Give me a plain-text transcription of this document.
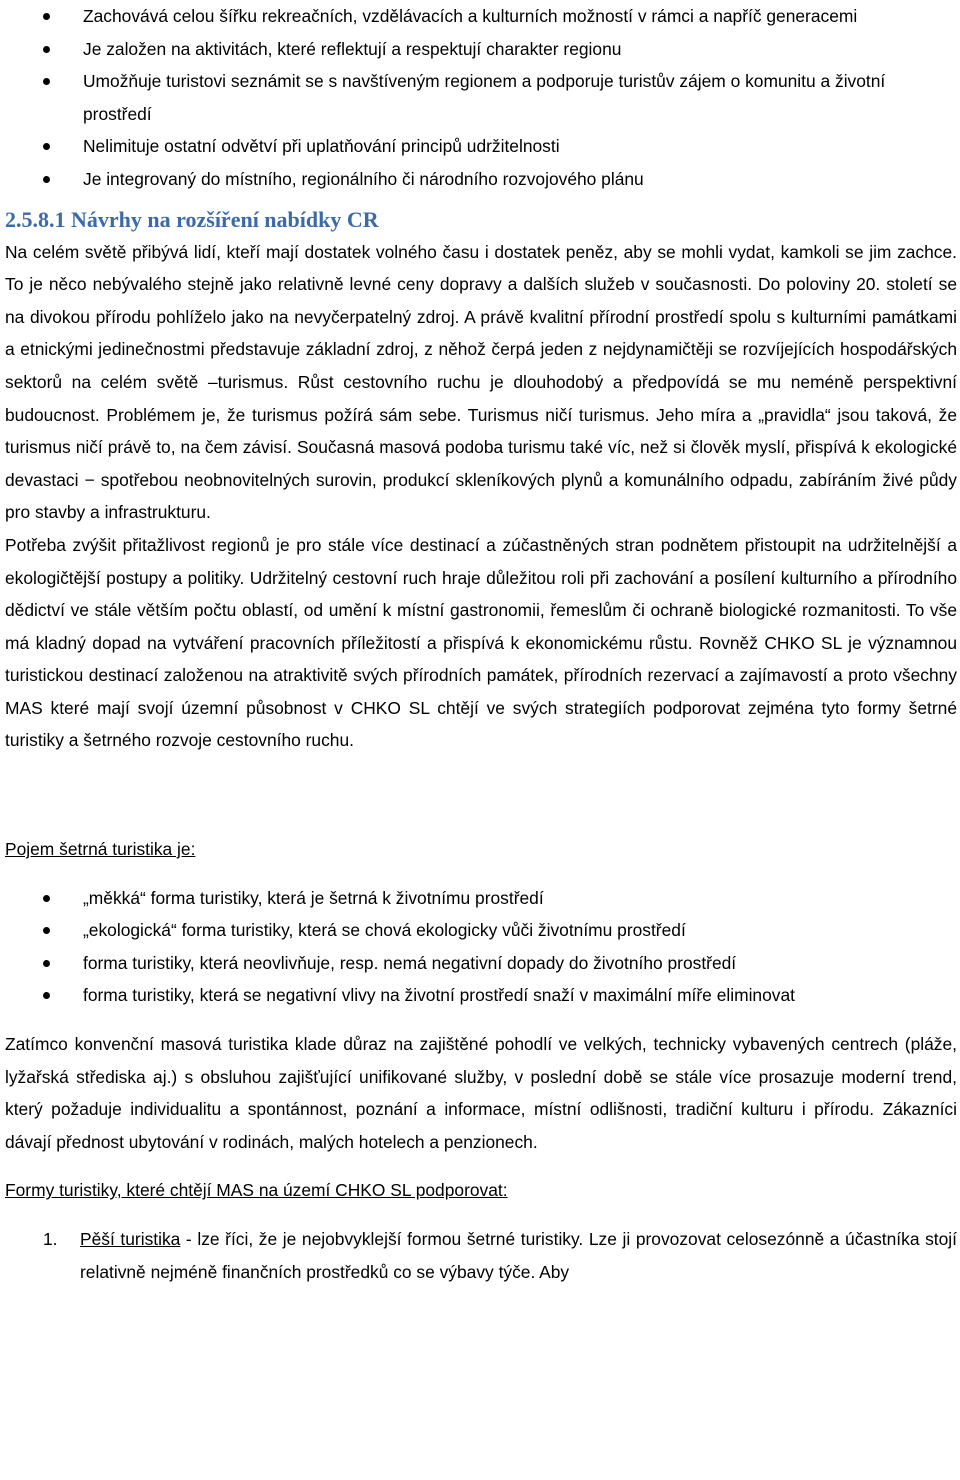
Zachovává celou šířku rekreačních, vzdělávacích a kulturních možností v rámci a napříč generacemi
Je založen na aktivitách, které reflektují a respektují charakter regionu
Umožňuje turistovi seznámit se s navštíveným regionem a podporuje turistův zájem o komunitu a životní prostředí
Nelimituje ostatní odvětví při uplatňování principů udržitelnosti
Je integrovaný do místního, regionálního či národního rozvojového plánu
2.5.8.1 Návrhy na rozšíření nabídky CR

Na celém světě přibývá lidí, kteří mají dostatek volného času i dostatek peněz, aby se mohli vydat, kamkoli se jim zachce. To je něco nebývalého stejně jako relativně levné ceny dopravy a dalších služeb v současnosti. Do poloviny 20. století se na divokou přírodu pohlíželo jako na nevyčerpatelný zdroj. A právě kvalitní přírodní prostředí spolu s kulturními památkami a etnickými jedinečnostmi představuje základní zdroj, z něhož čerpá jeden z nejdynamičtěji se rozvíjejících hospodářských sektorů na celém světě –turismus. Růst cestovního ruchu je dlouhodobý a předpovídá se mu neméně perspektivní budoucnost. Problémem je, že turismus požírá sám sebe. Turismus ničí turismus. Jeho míra a „pravidla“ jsou taková, že turismus ničí právě to, na čem závisí. Současná masová podoba turismu také víc, než si člověk myslí, přispívá k ekologické devastaci − spotřebou neobnovitelných surovin, produkcí skleníkových plynů a komunálního odpadu, zabíráním živé půdy pro stavby a infrastrukturu.

Potřeba zvýšit přitažlivost regionů je pro stále více destinací a zúčastněných stran podnětem přistoupit na udržitelnější a ekologičtější postupy a politiky. Udržitelný cestovní ruch hraje důležitou roli při zachování a posílení kulturního a přírodního dědictví ve stále větším počtu oblastí, od umění k místní gastronomii, řemeslům či ochraně biologické rozmanitosti. To vše má kladný dopad na vytváření pracovních příležitostí a přispívá k ekonomickému růstu. Rovněž CHKO SL je významnou turistickou destinací založenou na atraktivitě svých přírodních památek, přírodních rezervací a zajímavostí a proto všechny MAS které mají svojí územní působnost v CHKO SL chtějí ve svých strategiích podporovat zejména tyto formy šetrné turistiky a šetrného rozvoje cestovního ruchu.

Pojem šetrná turistika je:

„měkká“ forma turistiky, která je šetrná k životnímu prostředí
„ekologická“ forma turistiky, která se chová ekologicky vůči životnímu prostředí
forma turistiky, která neovlivňuje, resp. nemá negativní dopady do životního prostředí
forma turistiky, která se negativní vlivy na životní prostředí snaží v maximální míře eliminovat

Zatímco konvenční masová turistika klade důraz na zajištěné pohodlí ve velkých, technicky vybavených centrech (pláže, lyžařská střediska aj.) s obsluhou zajišťující unifikované služby, v poslední době se stále více prosazuje moderní trend, který požaduje individualitu a spontánnost, poznání a informace, místní odlišnosti, tradiční kulturu i přírodu. Zákazníci dávají přednost ubytování v rodinách, malých hotelech a penzionech.

Formy turistiky, které chtějí MAS na území CHKO SL podporovat:

1. Pěší turistika - lze říci, že je nejobvyklejší formou šetrné turistiky. Lze ji provozovat celosezónně a účastníka stojí relativně nejméně finančních prostředků co se výbavy týče. Aby
